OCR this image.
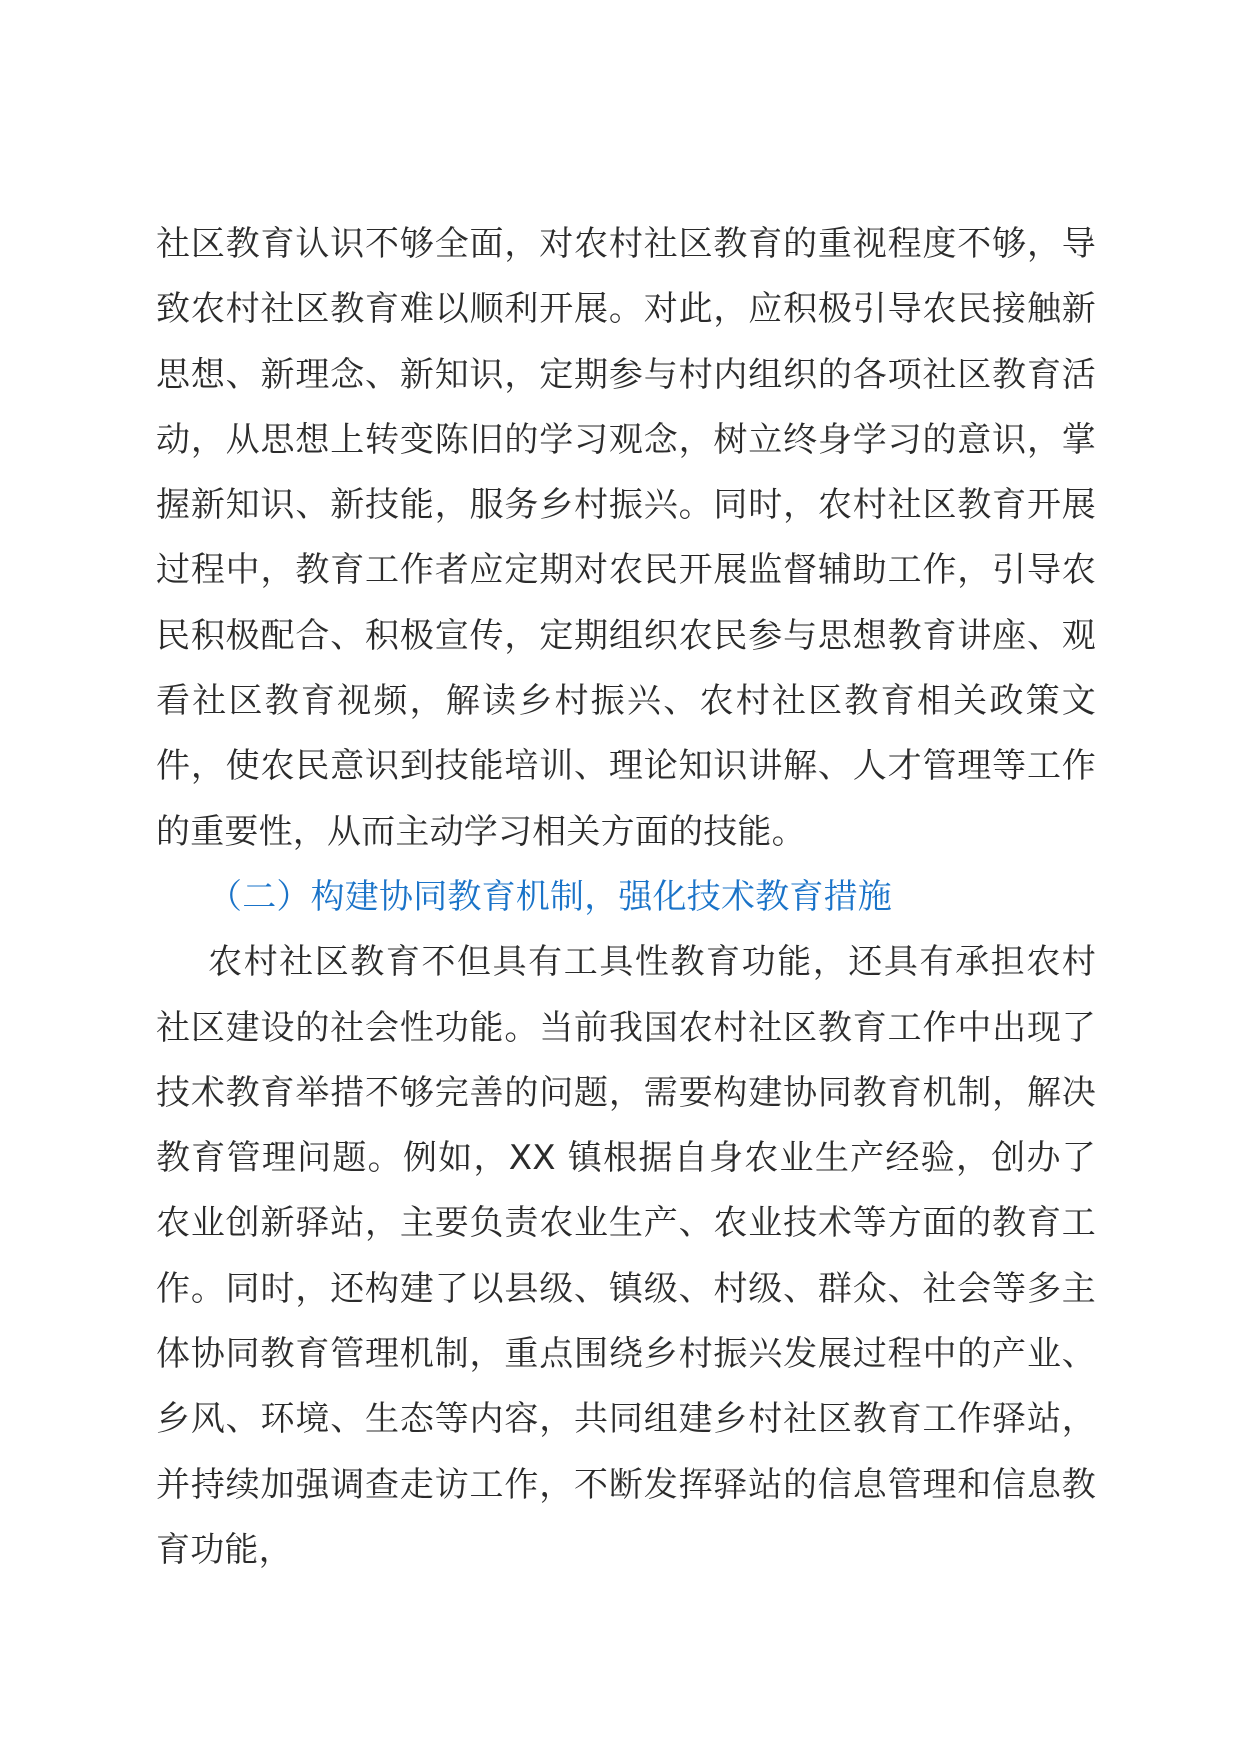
社区教育认识不够全面，对农村社区教育的重视程度不够，导致农村社区教育难以顺利开展。对此，应积极引导农民接触新思想、新理念、新知识，定期参与村内组织的各项社区教育活动，从思想上转变陈旧的学习观念，树立终身学习的意识，掌握新知识、新技能，服务乡村振兴。同时，农村社区教育开展过程中，教育工作者应定期对农民开展监督辅助工作，引导农民积极配合、积极宣传，定期组织农民参与思想教育讲座、观看社区教育视频，解读乡村振兴、农村社区教育相关政策文件，使农民意识到技能培训、理论知识讲解、人才管理等工作的重要性，从而主动学习相关方面的技能。

（二）构建协同教育机制，强化技术教育措施

农村社区教育不但具有工具性教育功能，还具有承担农村社区建设的社会性功能。当前我国农村社区教育工作中出现了技术教育举措不够完善的问题，需要构建协同教育机制，解决教育管理问题。例如，XX 镇根据自身农业生产经验，创办了农业创新驿站，主要负责农业生产、农业技术等方面的教育工作。同时，还构建了以县级、镇级、村级、群众、社会等多主体协同教育管理机制，重点围绕乡村振兴发展过程中的产业、乡风、环境、生态等内容，共同组建乡村社区教育工作驿站，并持续加强调查走访工作，不断发挥驿站的信息管理和信息教育功能，
